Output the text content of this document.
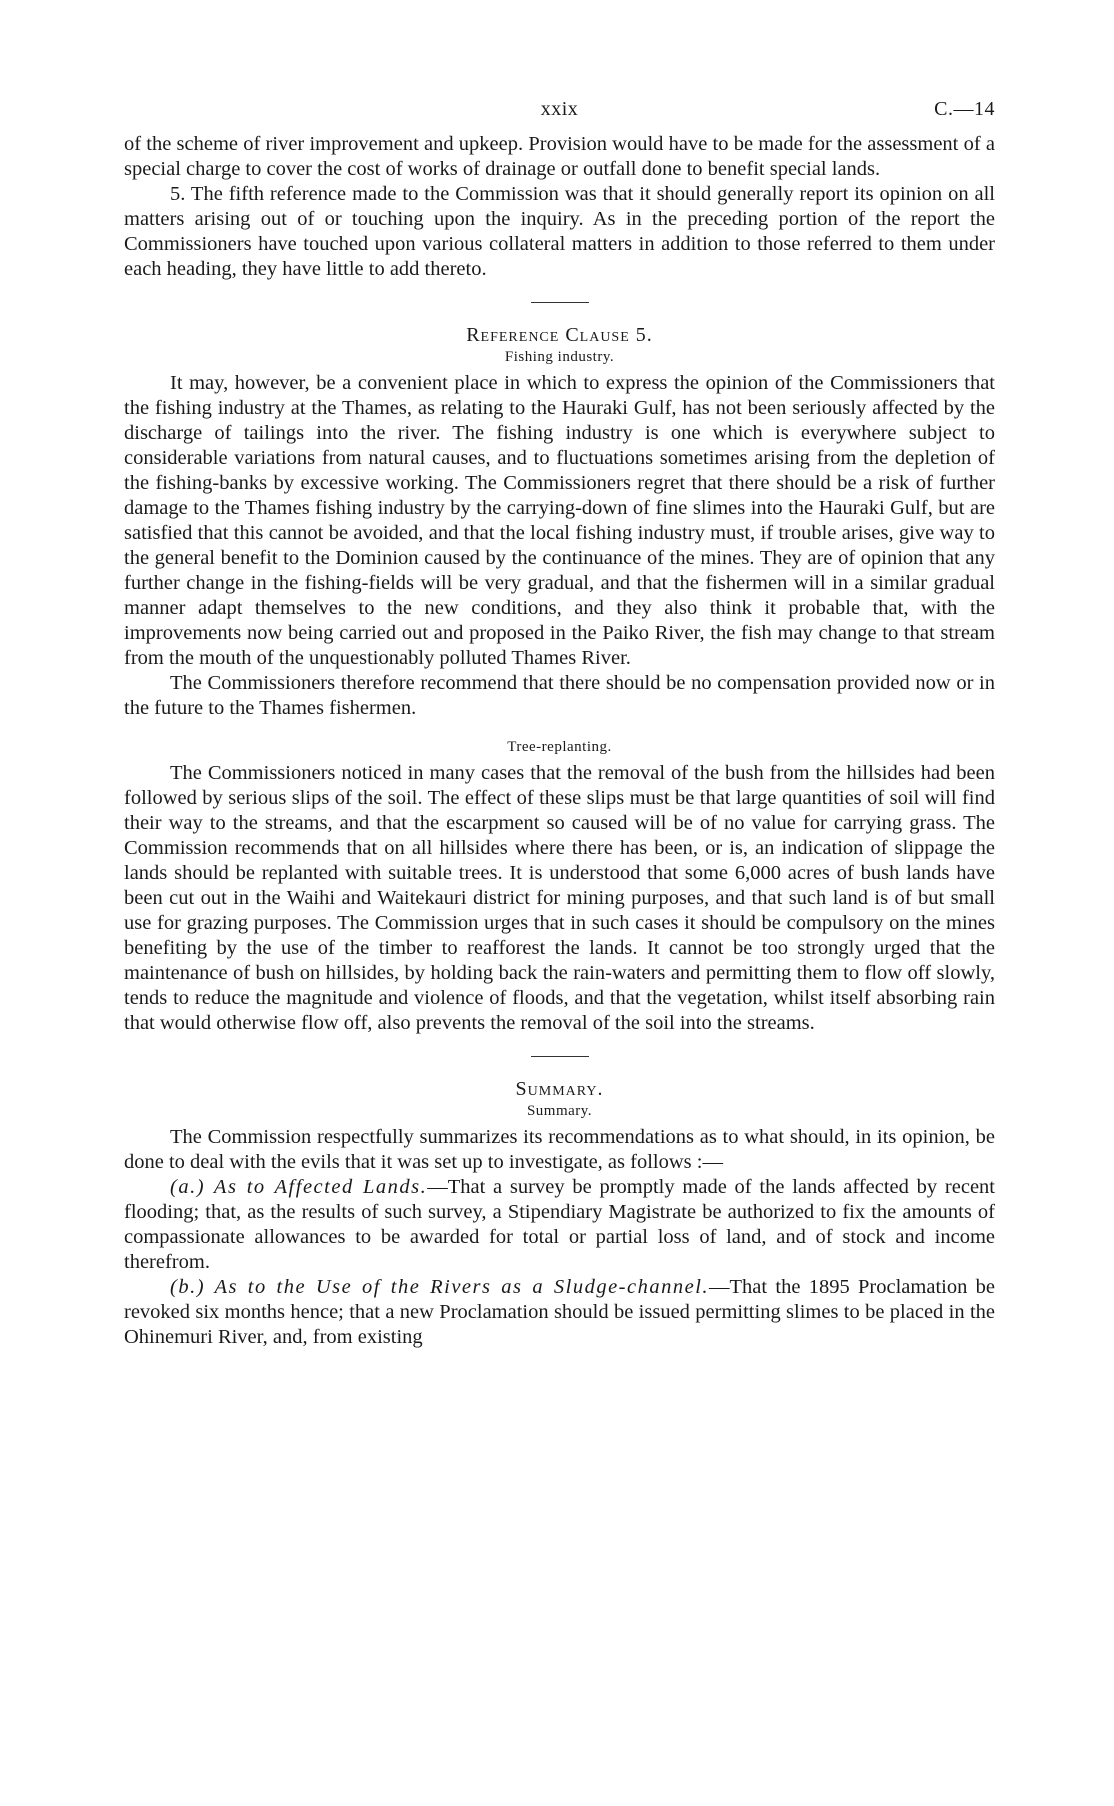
xxix	C.—14

of the scheme of river improvement and upkeep. Provision would have to be made for the assessment of a special charge to cover the cost of works of drainage or outfall done to benefit special lands.

5. The fifth reference made to the Commission was that it should generally report its opinion on all matters arising out of or touching upon the inquiry. As in the preceding portion of the report the Commissioners have touched upon various collateral matters in addition to those referred to them under each heading, they have little to add thereto.

Reference Clause 5.
Fishing industry.

It may, however, be a convenient place in which to express the opinion of the Commissioners that the fishing industry at the Thames, as relating to the Hauraki Gulf, has not been seriously affected by the discharge of tailings into the river. The fishing industry is one which is everywhere subject to considerable variations from natural causes, and to fluctuations sometimes arising from the depletion of the fishing-banks by excessive working. The Commissioners regret that there should be a risk of further damage to the Thames fishing industry by the carrying-down of fine slimes into the Hauraki Gulf, but are satisfied that this cannot be avoided, and that the local fishing industry must, if trouble arises, give way to the general benefit to the Dominion caused by the continuance of the mines. They are of opinion that any further change in the fishing-fields will be very gradual, and that the fishermen will in a similar gradual manner adapt themselves to the new conditions, and they also think it probable that, with the improvements now being carried out and proposed in the Paiko River, the fish may change to that stream from the mouth of the unquestionably polluted Thames River.

The Commissioners therefore recommend that there should be no compensation provided now or in the future to the Thames fishermen.

Tree-replanting.

The Commissioners noticed in many cases that the removal of the bush from the hillsides had been followed by serious slips of the soil. The effect of these slips must be that large quantities of soil will find their way to the streams, and that the escarpment so caused will be of no value for carrying grass. The Commission recommends that on all hillsides where there has been, or is, an indication of slippage the lands should be replanted with suitable trees. It is understood that some 6,000 acres of bush lands have been cut out in the Waihi and Waitekauri district for mining purposes, and that such land is of but small use for grazing purposes. The Commission urges that in such cases it should be compulsory on the mines benefiting by the use of the timber to reafforest the lands. It cannot be too strongly urged that the maintenance of bush on hillsides, by holding back the rain-waters and permitting them to flow off slowly, tends to reduce the magnitude and violence of floods, and that the vegetation, whilst itself absorbing rain that would otherwise flow off, also prevents the removal of the soil into the streams.

Summary.
Summary.

The Commission respectfully summarizes its recommendations as to what should, in its opinion, be done to deal with the evils that it was set up to investigate, as follows :—

(a.) As to Affected Lands.—That a survey be promptly made of the lands affected by recent flooding; that, as the results of such survey, a Stipendiary Magistrate be authorized to fix the amounts of compassionate allowances to be awarded for total or partial loss of land, and of stock and income therefrom.

(b.) As to the Use of the Rivers as a Sludge-channel.—That the 1895 Proclamation be revoked six months hence; that a new Proclamation should be issued permitting slimes to be placed in the Ohinemuri River, and, from existing
